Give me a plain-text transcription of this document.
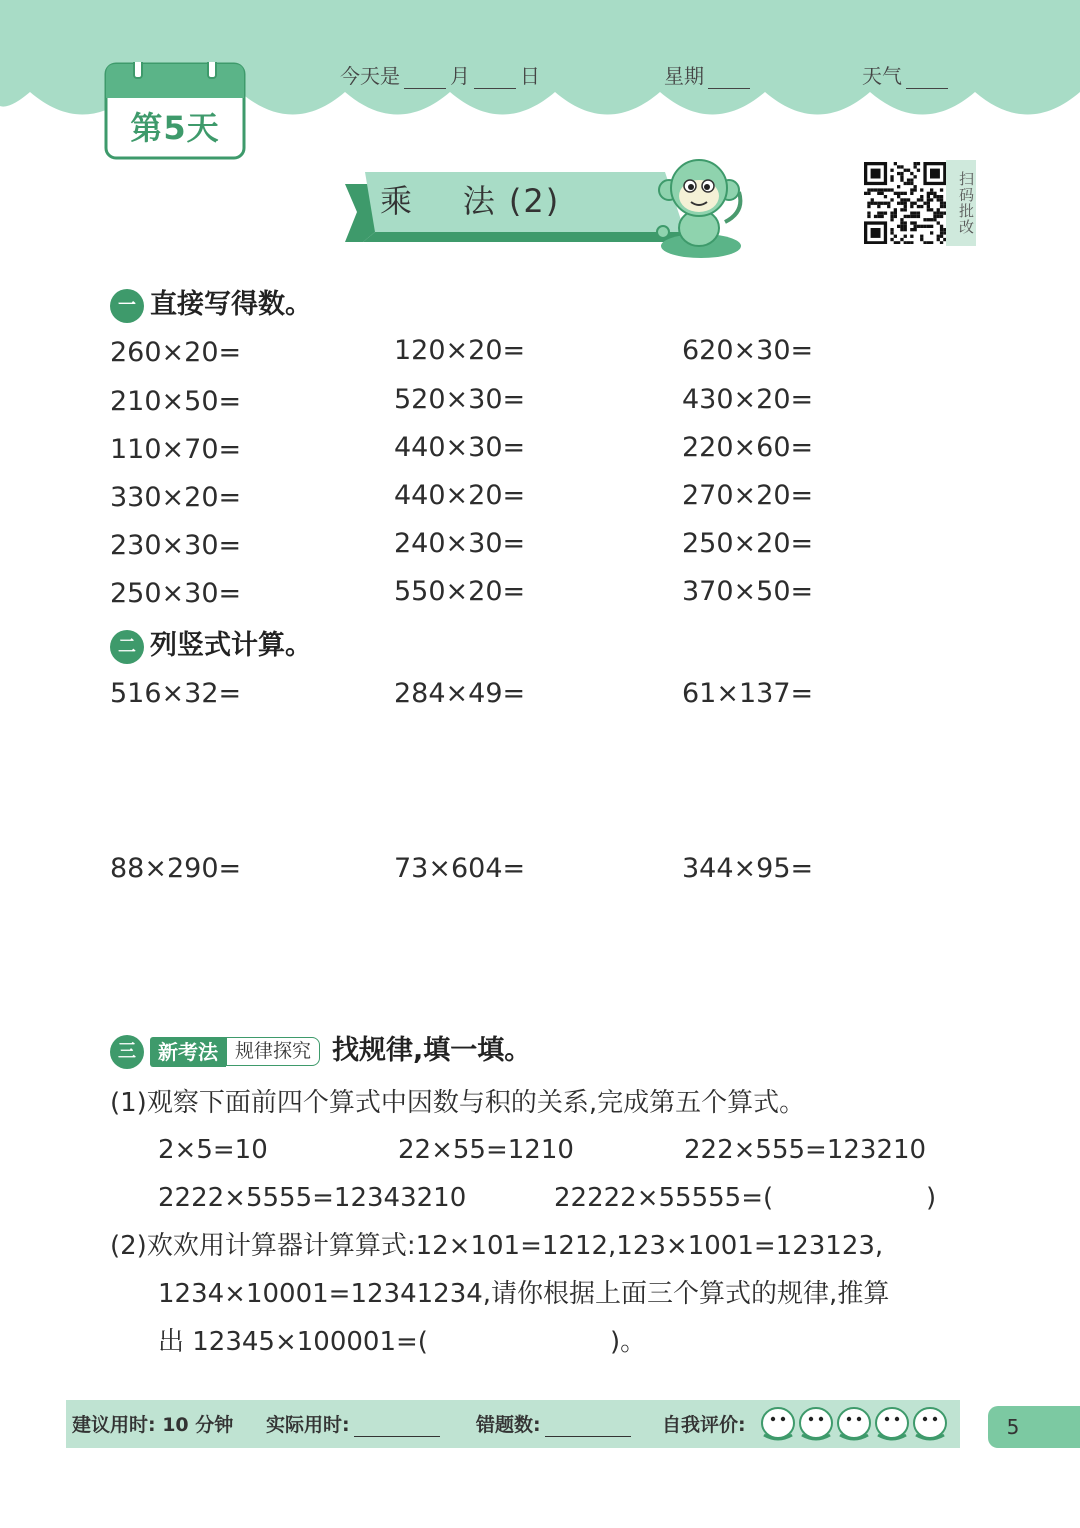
第5天
今天是	月	日	星期	天气
乘    法 (2)	扫码批改
一 直接写得数。
260×20=	120×20=	620×30=
210×50=	520×30=	430×20=
110×70=	440×30=	220×60=
330×20=	440×20=	270×20=
230×30=	240×30=	250×20=
250×30=	550×20=	370×50=
二 列竖式计算。
516×32=	284×49=	61×137=
88×290=	73×604=	344×95=
三 新考法 规律探究 找规律,填一填。
(1)观察下面前四个算式中因数与积的关系,完成第五个算式。
2×5=10	22×55=1210	222×555=123210
2222×5555=12343210	22222×55555=(	)
(2)欢欢用计算器计算算式:12×101=1212,123×1001=123123,
1234×10001=12341234,请你根据上面三个算式的规律,推算
出 12345×100001=(	)。
建议用时: 10 分钟 实际用时:	错题数:	自我评价:	5
